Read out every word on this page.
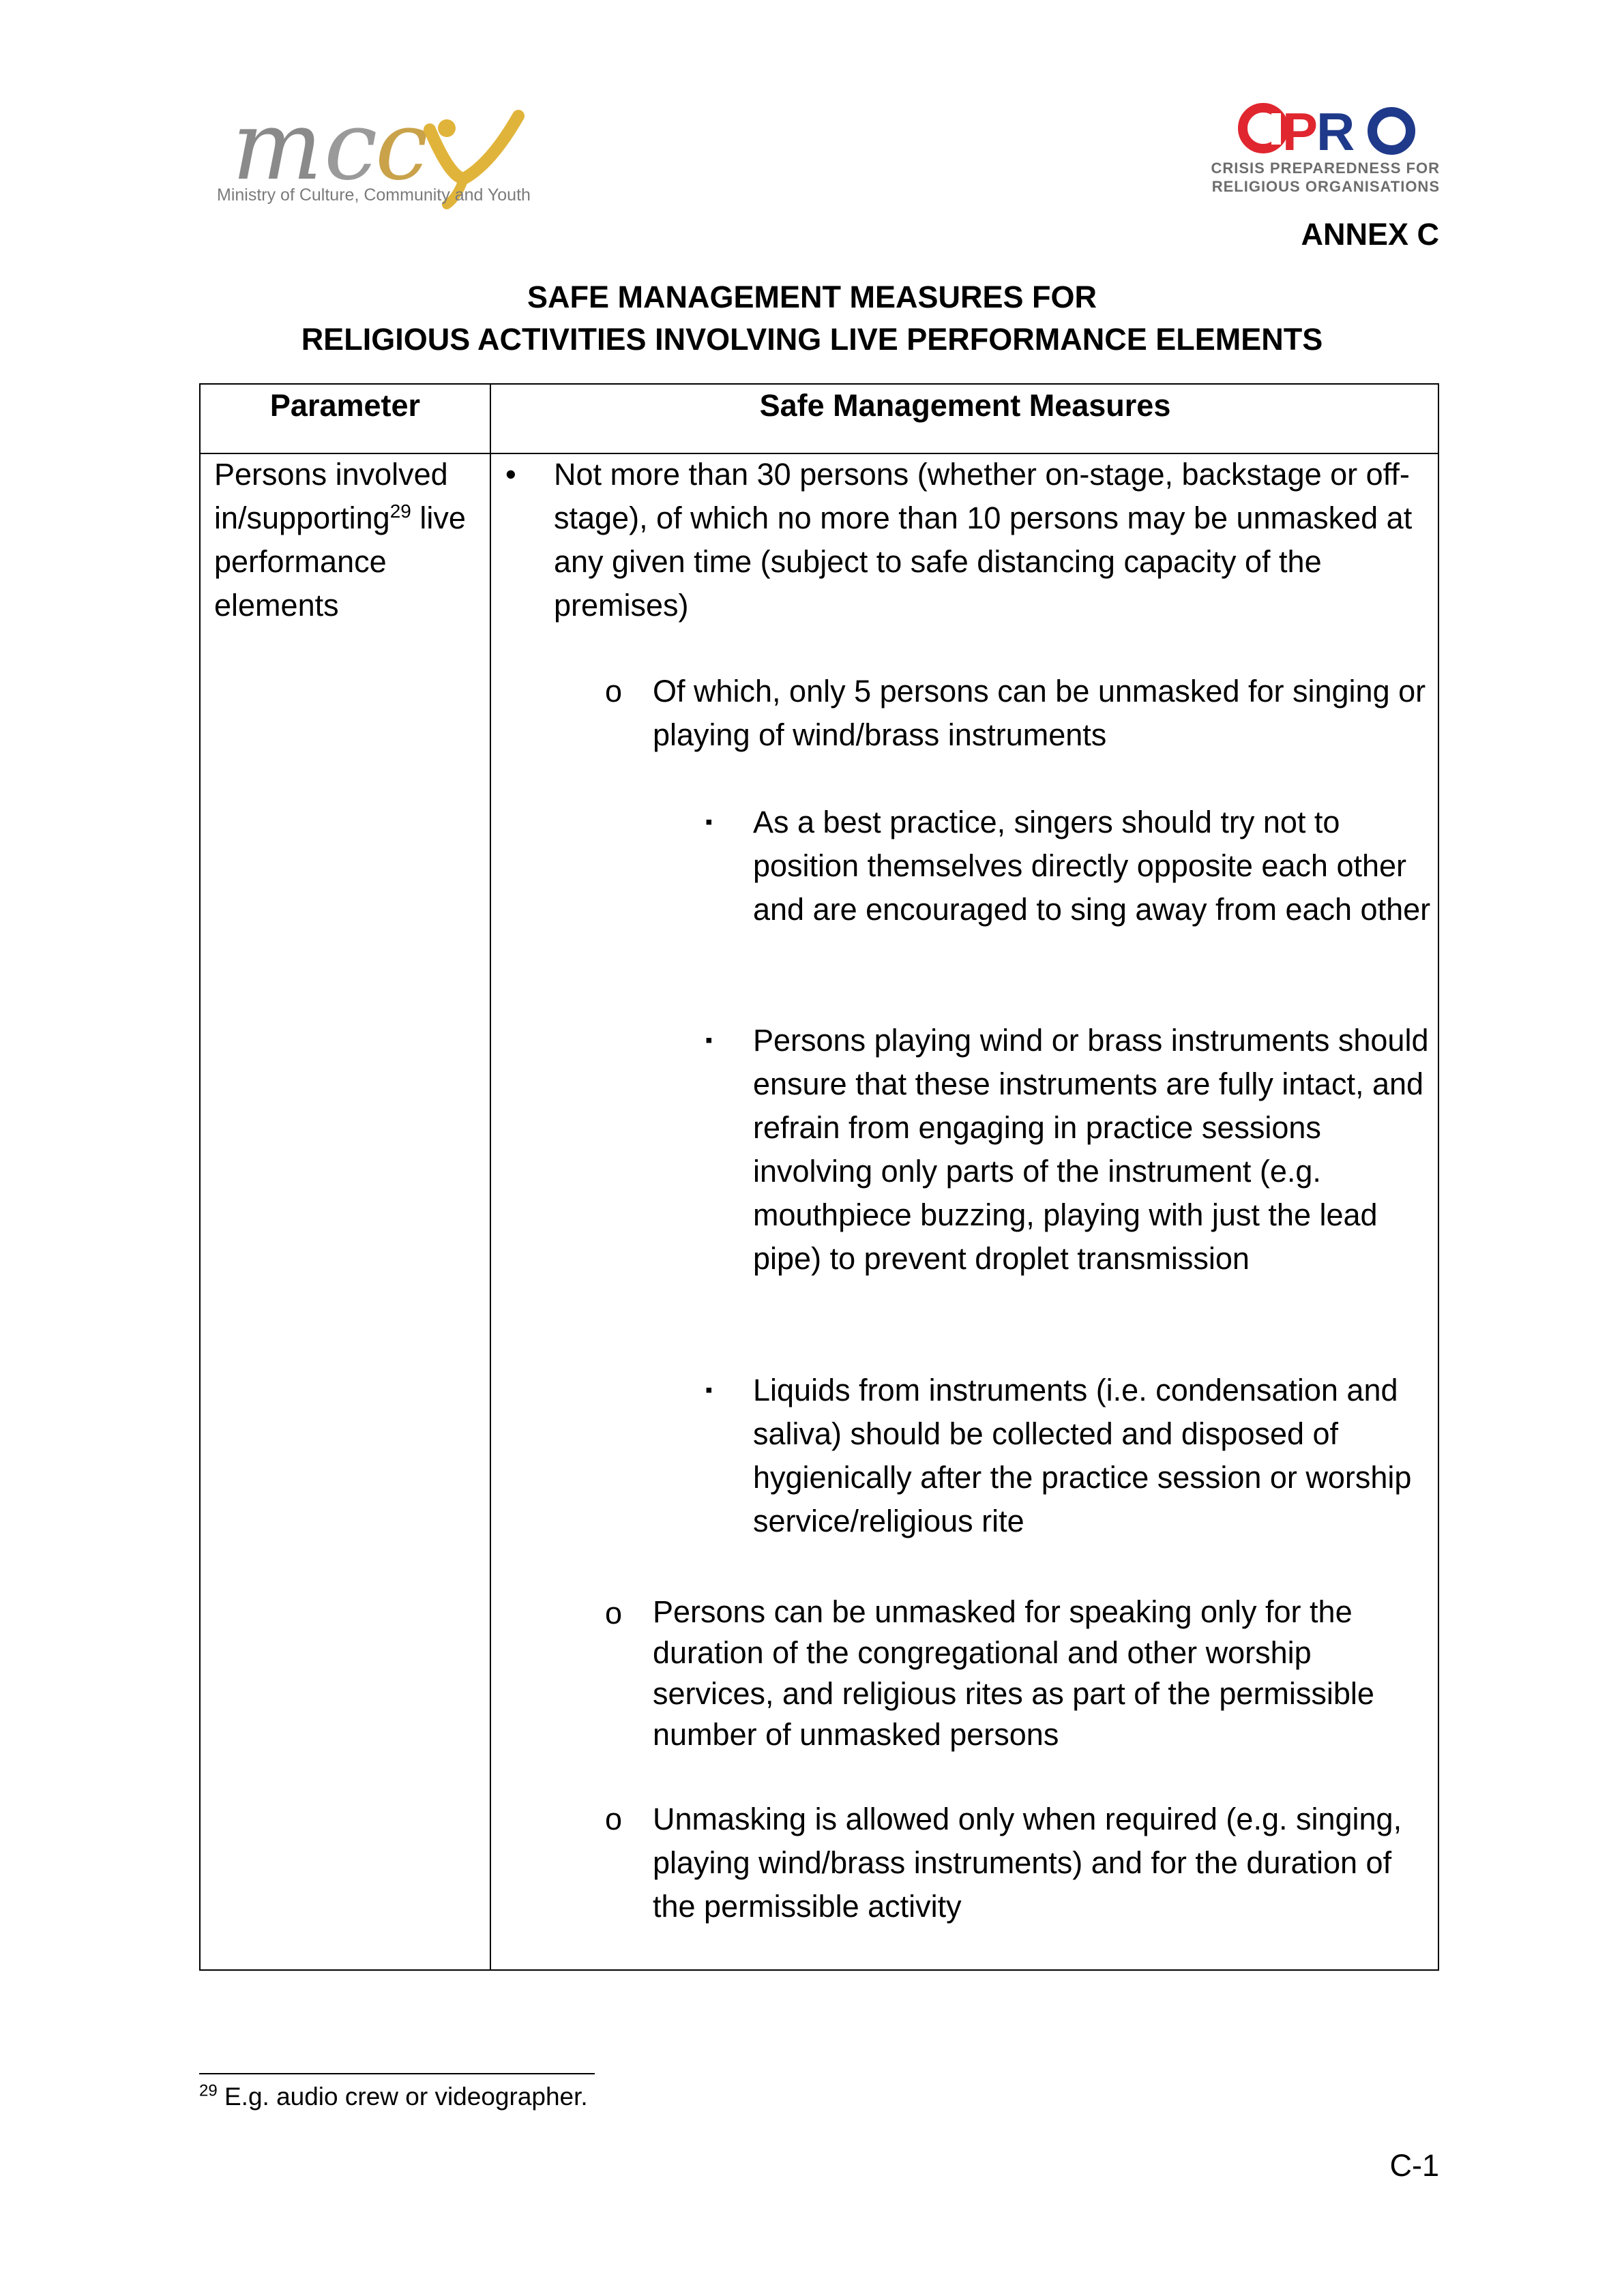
m c c
Ministry of Culture, Community and Youth
P
R
CRISIS PREPAREDNESS FOR
RELIGIOUS ORGANISATIONS
ANNEX C
SAFE MANAGEMENT MEASURES FOR
RELIGIOUS ACTIVITIES INVOLVING LIVE PERFORMANCE ELEMENTS
Parameter	Safe Management Measures
Persons involved in/supporting$^{29}$ live performance elements
• Not more than 30 persons (whether on-stage, backstage or off-stage), of which no more than 10 persons may be unmasked at any given time (subject to safe distancing capacity of the premises)
o Of which, only 5 persons can be unmasked for singing or playing of wind/brass instruments
▪ As a best practice, singers should try not to position themselves directly opposite each other and are encouraged to sing away from each other
▪ Persons playing wind or brass instruments should ensure that these instruments are fully intact, and refrain from engaging in practice sessions involving only parts of the instrument (e.g. mouthpiece buzzing, playing with just the lead pipe) to prevent droplet transmission
▪ Liquids from instruments (i.e. condensation and saliva) should be collected and disposed of hygienically after the practice session or worship service/religious rite
o Persons can be unmasked for speaking only for the duration of the congregational and other worship services, and religious rites as part of the permissible number of unmasked persons
o Unmasking is allowed only when required (e.g. singing, playing wind/brass instruments) and for the duration of the permissible activity
$^{29}$ E.g. audio crew or videographer.
C-1
